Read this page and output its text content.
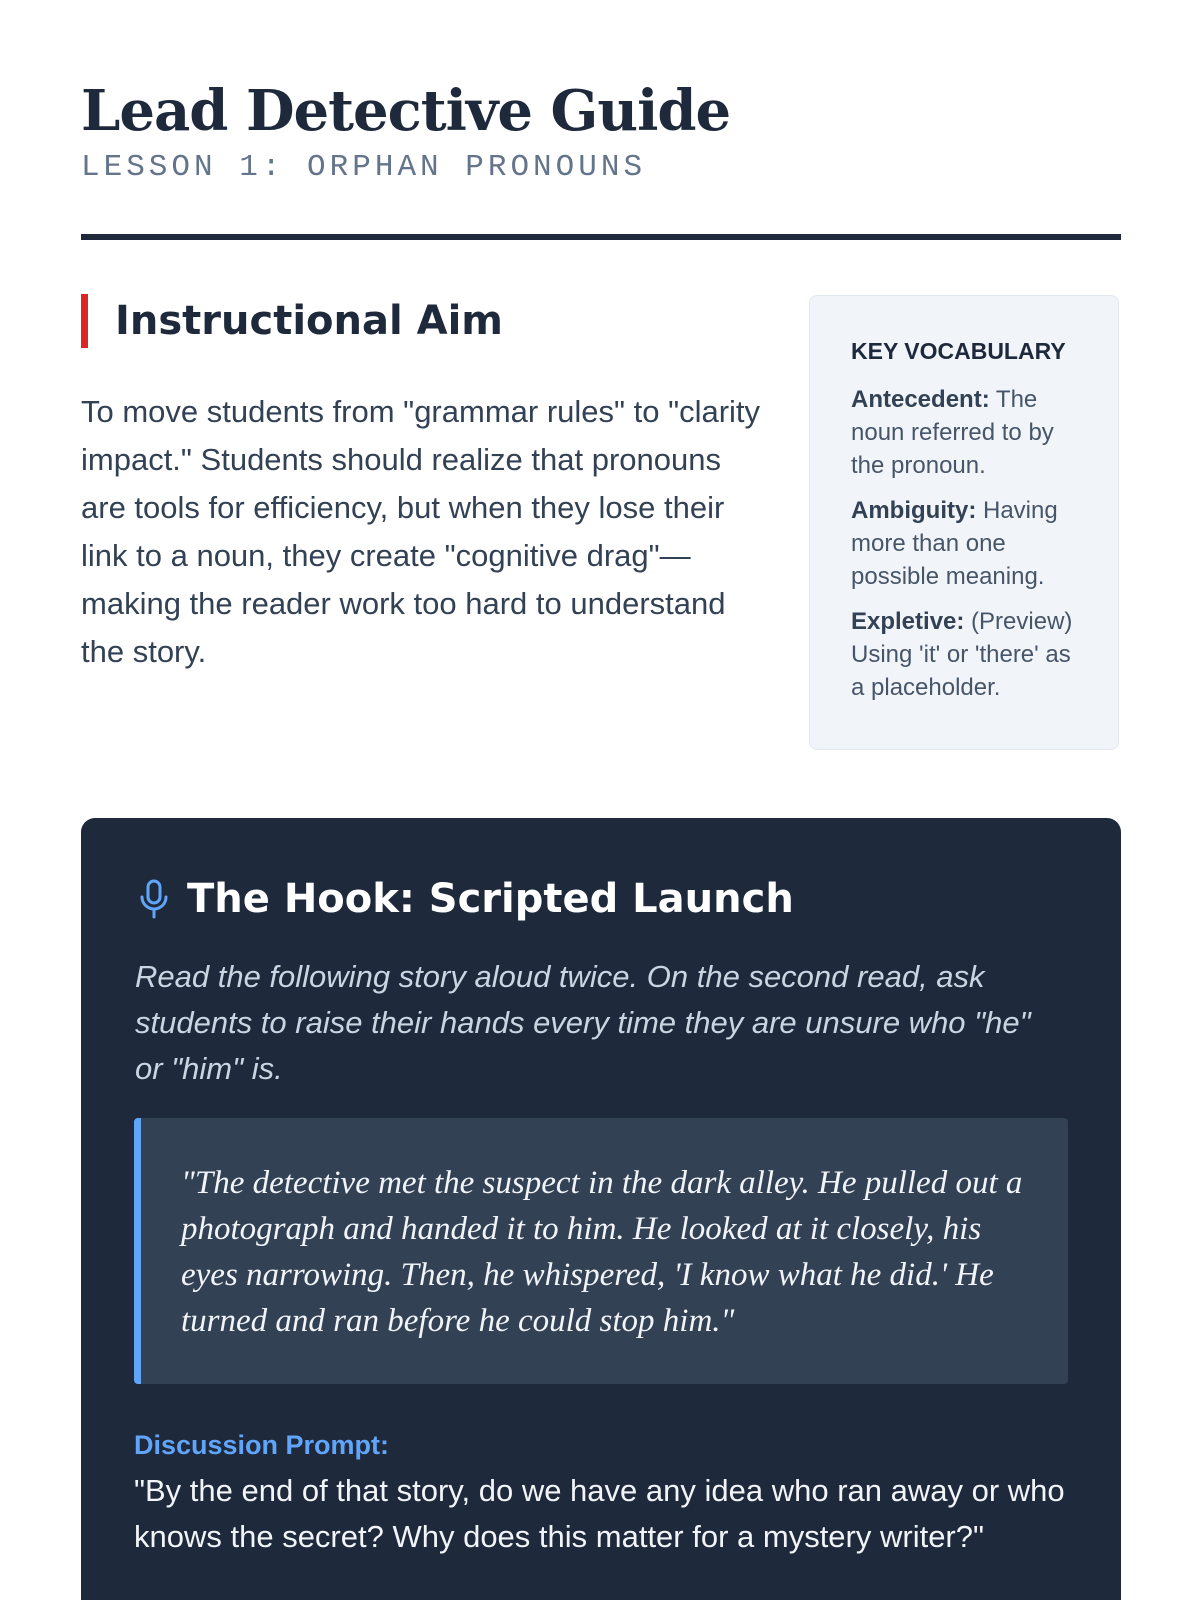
Lead Detective Guide
LESSON 1: ORPHAN PRONOUNS
Instructional Aim

To move students from "grammar rules" to "clarity impact." Students should realize that pronouns are tools for efficiency, but when they lose their link to a noun, they create "cognitive drag"—making the reader work too hard to understand the story.

KEY VOCABULARY

Antecedent: The noun referred to by the pronoun.

Ambiguity: Having more than one possible meaning.

Expletive: (Preview) Using 'it' or 'there' as a placeholder.

The Hook: Scripted Launch

Read the following story aloud twice. On the second read, ask students to raise their hands every time they are unsure who "he" or "him" is.

"The detective met the suspect in the dark alley. He pulled out a photograph and handed it to him. He looked at it closely, his eyes narrowing. Then, he whispered, 'I know what he did.' He turned and ran before he could stop him."

Discussion Prompt:

"By the end of that story, do we have any idea who ran away or who knows the secret? Why does this matter for a mystery writer?"
